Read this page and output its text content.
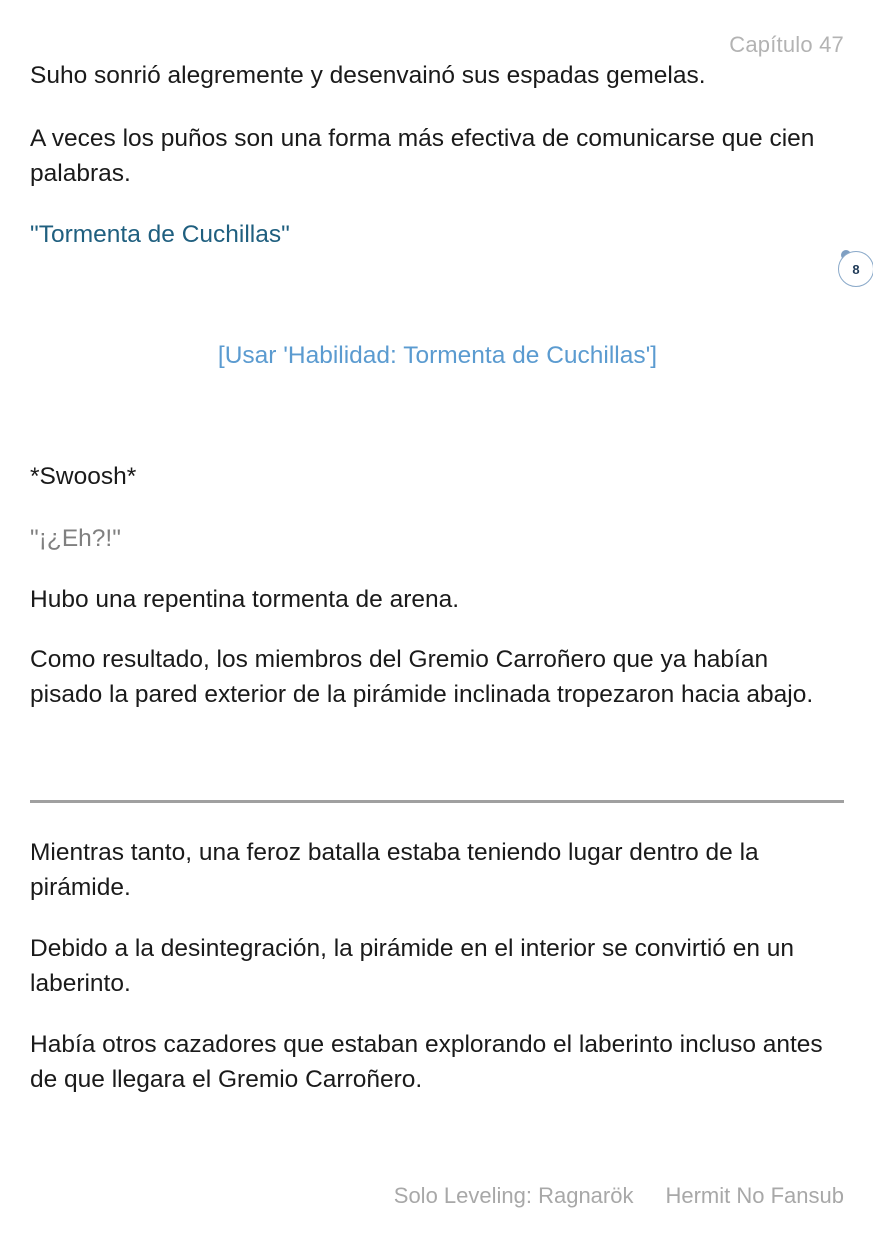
Capítulo 47
8

Suho sonrió alegremente y desenvainó sus espadas gemelas.

A veces los puños son una forma más efectiva de comunicarse que cien palabras.

"Tormenta de Cuchillas"

[Usar 'Habilidad: Tormenta de Cuchillas']

*Swoosh*

"¡¿Eh?!"

Hubo una repentina tormenta de arena.

Como resultado, los miembros del Gremio Carroñero que ya habían pisado la pared exterior de la pirámide inclinada tropezaron hacia abajo.

Mientras tanto, una feroz batalla estaba teniendo lugar dentro de la pirámide.

Debido a la desintegración, la pirámide en el interior se convirtió en un laberinto.

Había otros cazadores que estaban explorando el laberinto incluso antes de que llegara el Gremio Carroñero.

Solo Leveling: Ragnarök Hermit No Fansub
